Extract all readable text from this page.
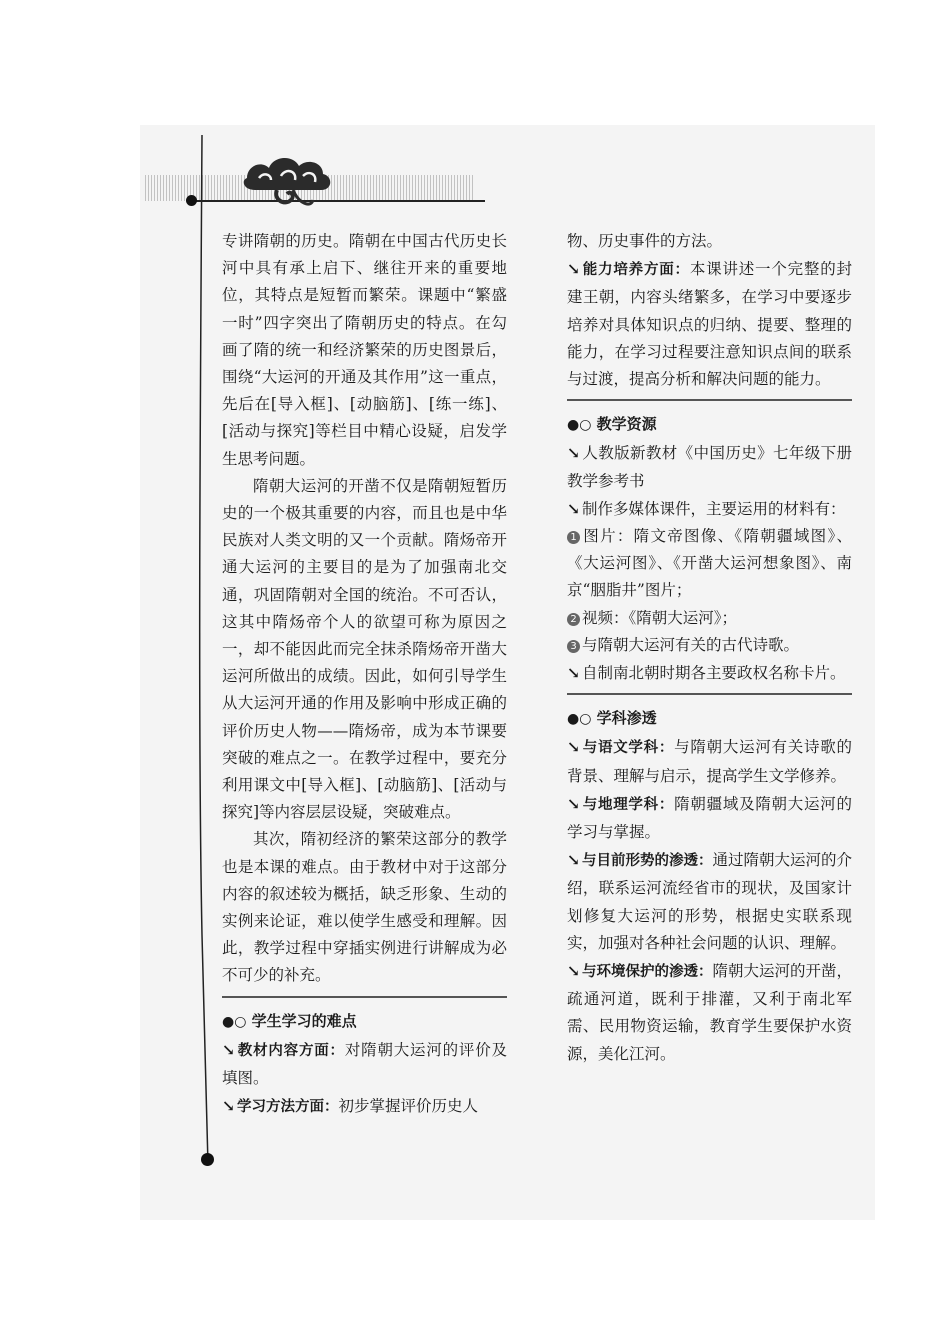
专讲隋朝的历史。隋朝在中国古代历史长河中具有承上启下、继往开来的重要地位，其特点是短暂而繁荣。课题中“繁盛一时”四字突出了隋朝历史的特点。在勾画了隋的统一和经济繁荣的历史图景后，围绕“大运河的开通及其作用”这一重点，先后在[导入框]、[动脑筋]、[练一练]、[活动与探究]等栏目中精心设疑，启发学生思考问题。

隋朝大运河的开凿不仅是隋朝短暂历史的一个极其重要的内容，而且也是中华民族对人类文明的又一个贡献。隋炀帝开通大运河的主要目的是为了加强南北交通，巩固隋朝对全国的统治。不可否认，这其中隋炀帝个人的欲望可称为原因之一，却不能因此而完全抹杀隋炀帝开凿大运河所做出的成绩。因此，如何引导学生从大运河开通的作用及影响中形成正确的评价历史人物——隋炀帝，成为本节课要突破的难点之一。在教学过程中，要充分利用课文中[导入框]、[动脑筋]、[活动与探究]等内容层层设疑，突破难点。

其次，隋初经济的繁荣这部分的教学也是本课的难点。由于教材中对于这部分内容的叙述较为概括，缺乏形象、生动的实例来论证，难以使学生感受和理解。因此，教学过程中穿插实例进行讲解成为必不可少的补充。

●○ 学生学习的难点

↘ 教材内容方面：对隋朝大运河的评价及填图。

↘ 学习方法方面：初步掌握评价历史人

物、历史事件的方法。

↘ 能力培养方面：本课讲述一个完整的封建王朝，内容头绪繁多，在学习中要逐步培养对具体知识点的归纳、提要、整理的能力，在学习过程要注意知识点间的联系与过渡，提高分析和解决问题的能力。

●○ 教学资源

↘ 人教版新教材《中国历史》七年级下册教学参考书

↘ 制作多媒体课件，主要运用的材料有：

1 图片：隋文帝图像、《隋朝疆域图》、《大运河图》、《开凿大运河想象图》、南京“胭脂井”图片；

2 视频：《隋朝大运河》；

3 与隋朝大运河有关的古代诗歌。

↘ 自制南北朝时期各主要政权名称卡片。

●○ 学科渗透

↘ 与语文学科：与隋朝大运河有关诗歌的背景、理解与启示，提高学生文学修养。

↘ 与地理学科：隋朝疆域及隋朝大运河的学习与掌握。

↘ 与目前形势的渗透：通过隋朝大运河的介绍，联系运河流经省市的现状，及国家计划修复大运河的形势，根据史实联系现实，加强对各种社会问题的认识、理解。

↘ 与环境保护的渗透：隋朝大运河的开凿，疏通河道，既利于排灌，又利于南北军需、民用物资运输，教育学生要保护水资源，美化江河。
